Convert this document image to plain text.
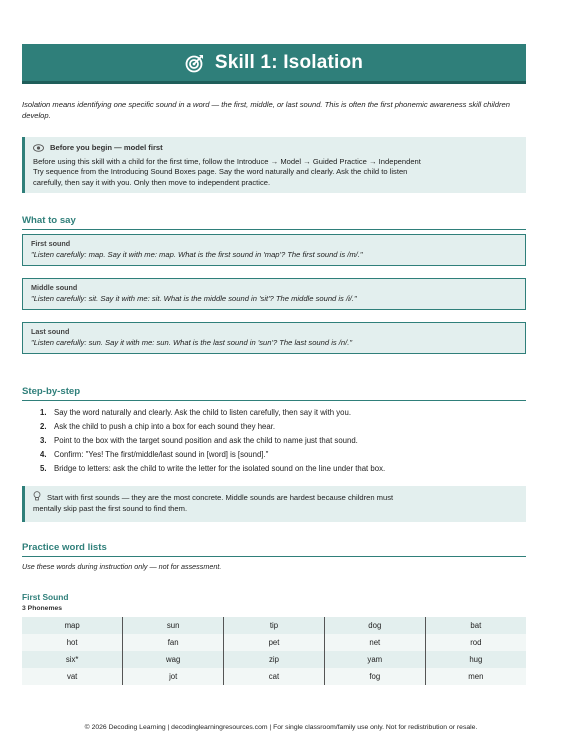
Skill 1: Isolation

Isolation means identifying one specific sound in a word — the first, middle, or last sound. This is often the first phonemic awareness skill children develop.

Before you begin — model first
Before using this skill with a child for the first time, follow the Introduce → Model → Guided Practice → Independent
Try sequence from the Introducing Sound Boxes page. Say the word naturally and clearly. Ask the child to listen
carefully, then say it with you. Only then move to independent practice.
What to say
First sound
"Listen carefully: map. Say it with me: map. What is the first sound in 'map'? The first sound is /m/."
Middle sound
"Listen carefully: sit. Say it with me: sit. What is the middle sound in 'sit'? The middle sound is /i/."
Last sound
"Listen carefully: sun. Say it with me: sun. What is the last sound in 'sun'? The last sound is /n/."
Step-by-step
1. Say the word naturally and clearly. Ask the child to listen carefully, then say it with you.
2. Ask the child to push a chip into a box for each sound they hear.
3. Point to the box with the target sound position and ask the child to name just that sound.
4. Confirm: "Yes! The first/middle/last sound in [word] is [sound]."
5. Bridge to letters: ask the child to write the letter for the isolated sound on the line under that box.
Start with first sounds — they are the most concrete. Middle sounds are hardest because children must
mentally skip past the first sound to find them.
Practice word lists
Use these words during instruction only — not for assessment.
First Sound
3 Phonemes
map	sun	tip	dog	bat
hot	fan	pet	net	rod
six*	wag	zip	yam	hug
vat	jot	cat	fog	men
© 2026 Decoding Learning | decodinglearningresources.com | For single classroom/family use only. Not for redistribution or resale.
